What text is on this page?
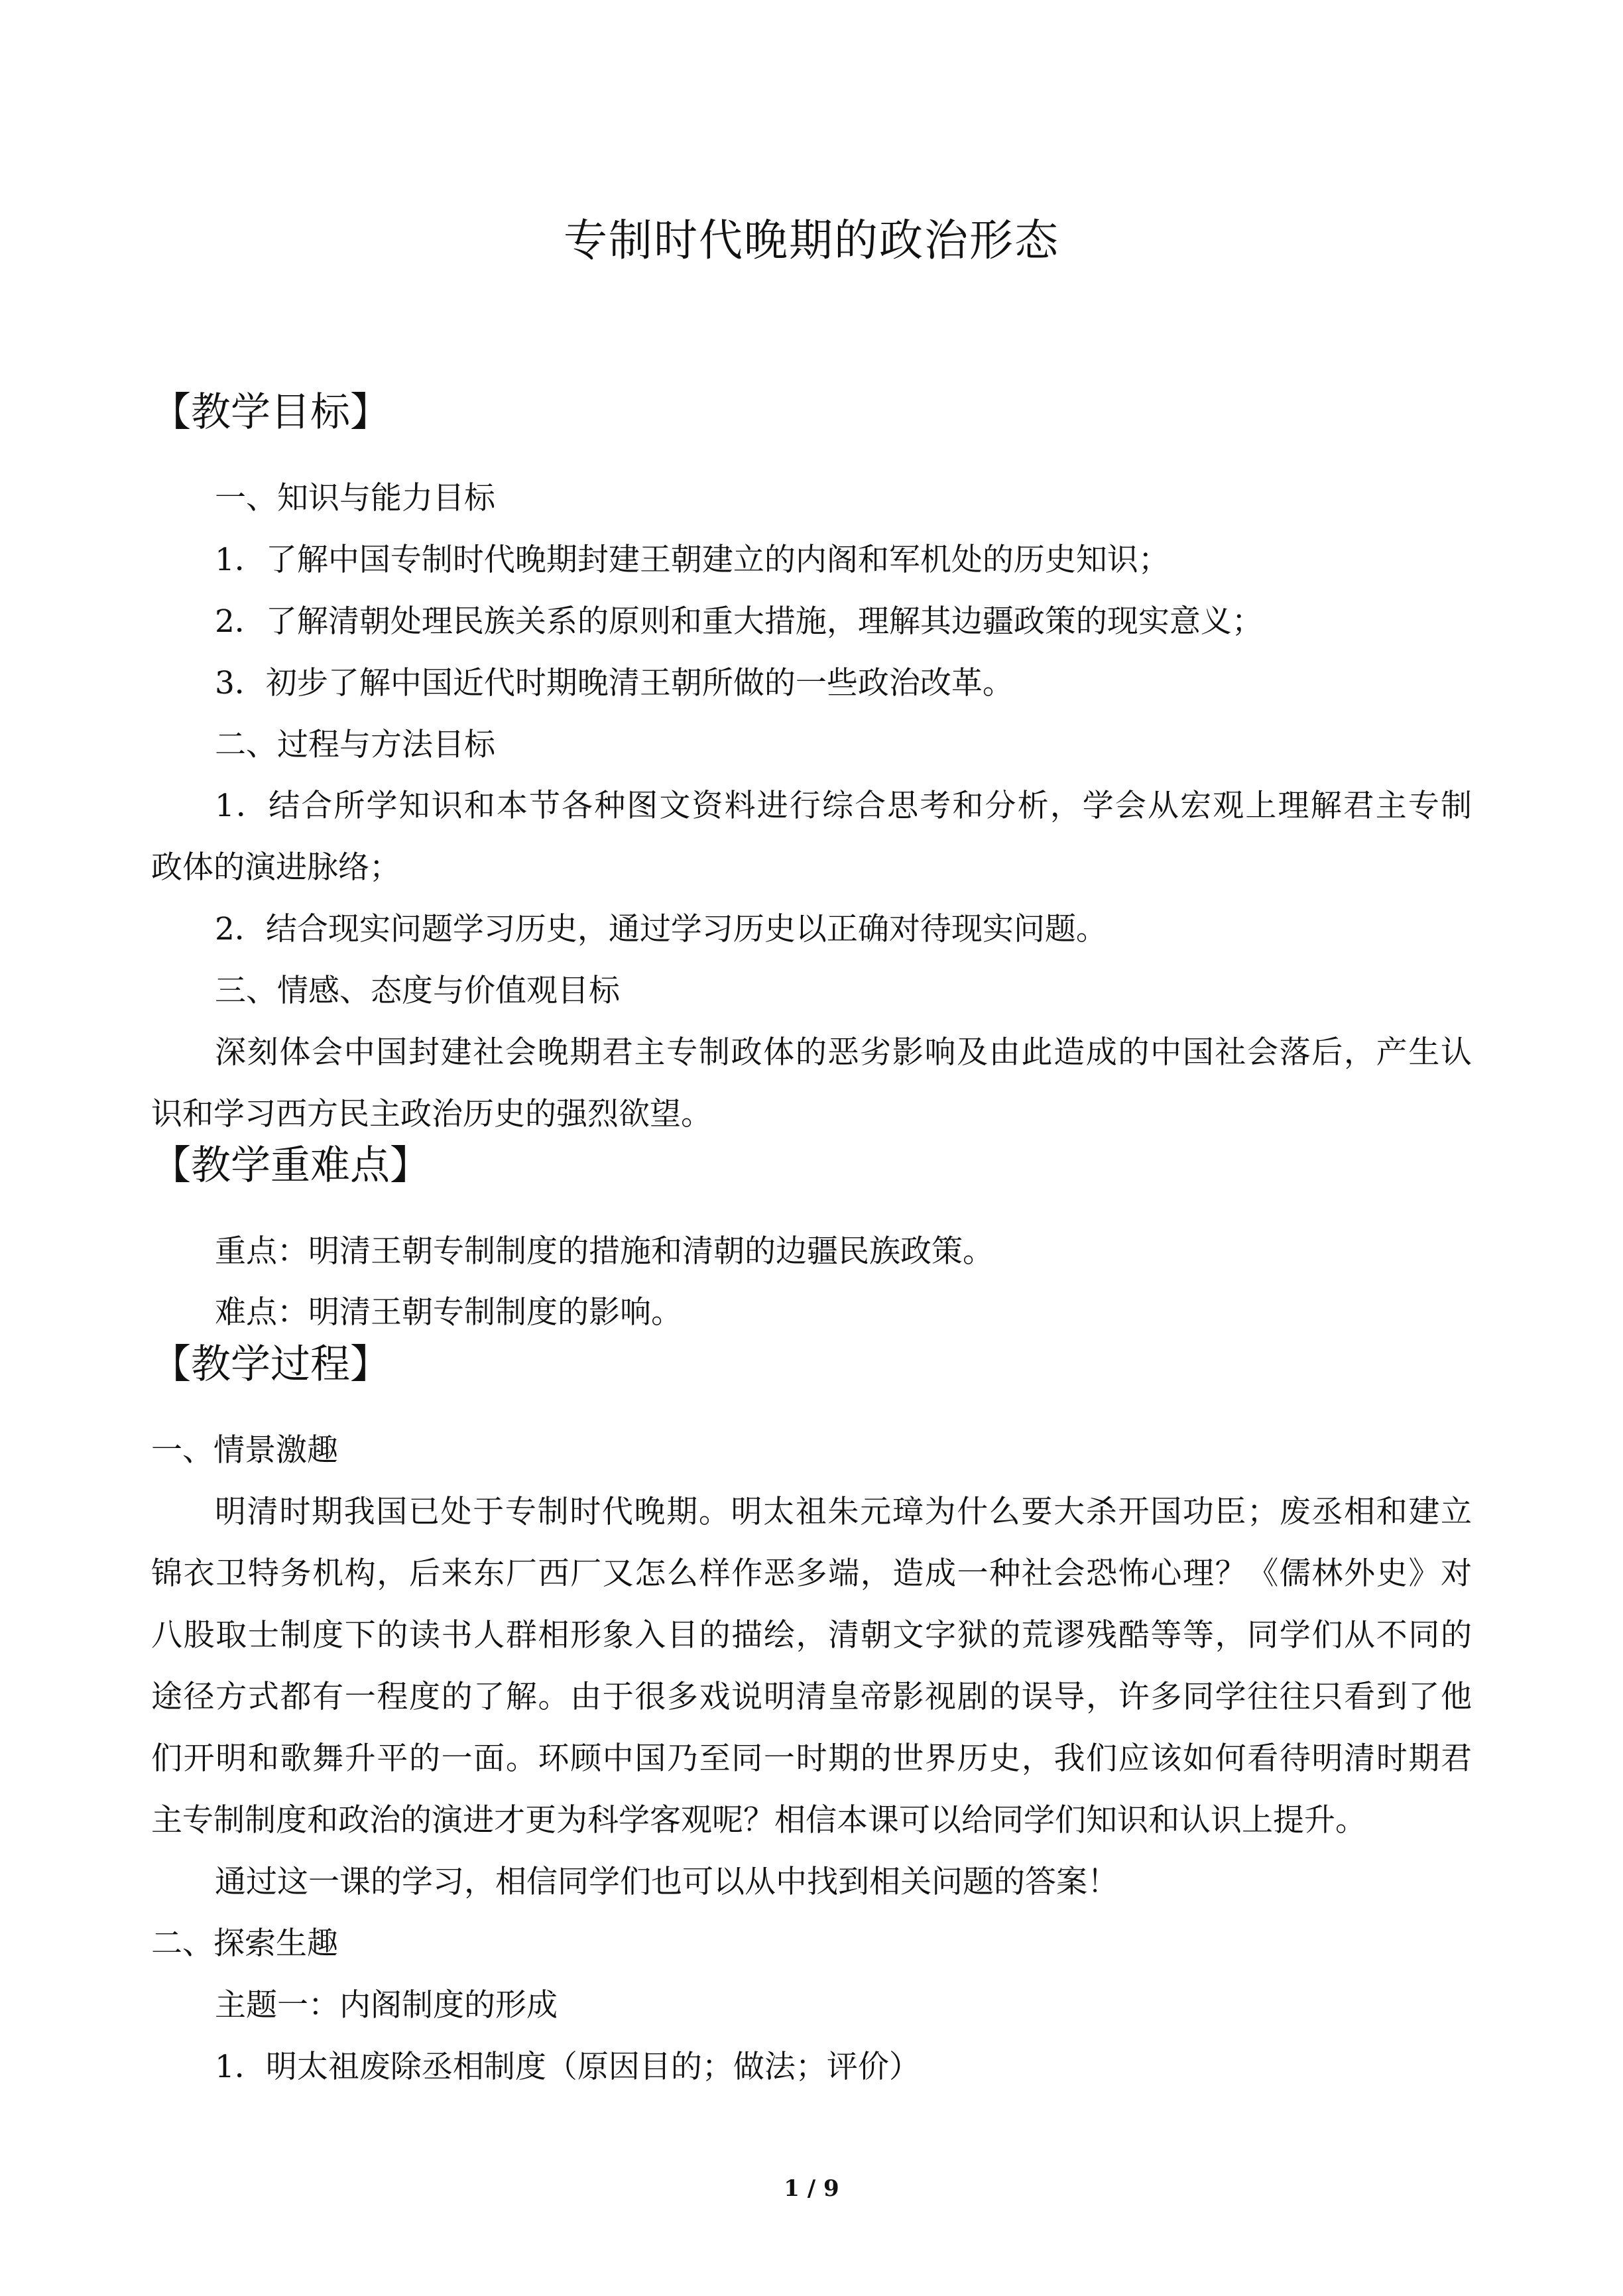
专制时代晚期的政治形态
【教学目标】
一、知识与能力目标
1．了解中国专制时代晚期封建王朝建立的内阁和军机处的历史知识；
2．了解清朝处理民族关系的原则和重大措施，理解其边疆政策的现实意义；
3．初步了解中国近代时期晚清王朝所做的一些政治改革。
二、过程与方法目标
1．结合所学知识和本节各种图文资料进行综合思考和分析，学会从宏观上理解君主专制
政体的演进脉络；
2．结合现实问题学习历史，通过学习历史以正确对待现实问题。
三、情感、态度与价值观目标
深刻体会中国封建社会晚期君主专制政体的恶劣影响及由此造成的中国社会落后，产生认
识和学习西方民主政治历史的强烈欲望。
【教学重难点】
重点：明清王朝专制制度的措施和清朝的边疆民族政策。
难点：明清王朝专制制度的影响。
【教学过程】
一、情景激趣
明清时期我国已处于专制时代晚期。明太祖朱元璋为什么要大杀开国功臣；废丞相和建立
锦衣卫特务机构，后来东厂西厂又怎么样作恶多端，造成一种社会恐怖心理？《儒林外史》对
八股取士制度下的读书人群相形象入目的描绘，清朝文字狱的荒谬残酷等等，同学们从不同的
途径方式都有一程度的了解。由于很多戏说明清皇帝影视剧的误导，许多同学往往只看到了他
们开明和歌舞升平的一面。环顾中国乃至同一时期的世界历史，我们应该如何看待明清时期君
主专制制度和政治的演进才更为科学客观呢？相信本课可以给同学们知识和认识上提升。
通过这一课的学习，相信同学们也可以从中找到相关问题的答案！
二、探索生趣
主题一：内阁制度的形成
1．明太祖废除丞相制度（原因目的；做法；评价）
1 / 9
